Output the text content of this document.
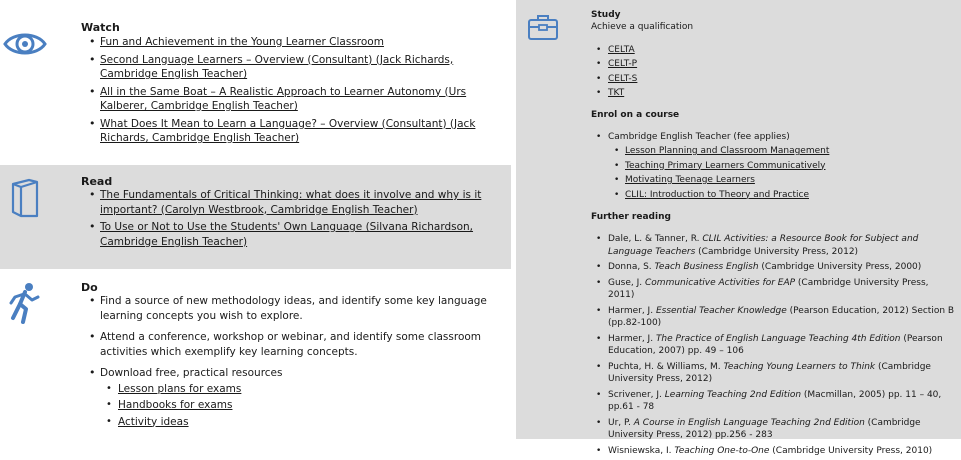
Watch
• Fun and Achievement in the Young Learner Classroom
• Second Language Learners – Overview (Consultant) (Jack Richards, Cambridge English Teacher)
• All in the Same Boat – A Realistic Approach to Learner Autonomy (Urs Kalberer, Cambridge English Teacher)
• What Does It Mean to Learn a Language? – Overview (Consultant) (Jack Richards, Cambridge English Teacher)
Read
• The Fundamentals of Critical Thinking: what does it involve and why is it important? (Carolyn Westbrook, Cambridge English Teacher)
• To Use or Not to Use the Students' Own Language (Silvana Richardson, Cambridge English Teacher)
Do
• Find a source of new methodology ideas, and identify some key language learning concepts you wish to explore.
• Attend a conference, workshop or webinar, and identify some classroom activities which exemplify key learning concepts.
• Download free, practical resources
• Lesson plans for exams
• Handbooks for exams
• Activity ideas
Study

Achieve a qualification

• CELTA
• CELT-P
• CELT-S
• TKT
Enrol on a course
• Cambridge English Teacher (fee applies)
• Lesson Planning and Classroom Management
• Teaching Primary Learners Communicatively
• Motivating Teenage Learners
• CLIL: Introduction to Theory and Practice
Further reading
• Dale, L. & Tanner, R. CLIL Activities: a Resource Book for Subject and Language Teachers (Cambridge University Press, 2012)
• Donna, S. Teach Business English (Cambridge University Press, 2000)
• Guse, J. Communicative Activities for EAP (Cambridge University Press, 2011)
• Harmer, J. Essential Teacher Knowledge (Pearson Education, 2012) Section B (pp.82-100)
• Harmer, J. The Practice of English Language Teaching 4th Edition (Pearson Education, 2007) pp. 49 – 106
• Puchta, H. & Williams, M. Teaching Young Learners to Think (Cambridge University Press, 2012)
• Scrivener, J. Learning Teaching 2nd Edition (Macmillan, 2005) pp. 11 – 40, pp.61 - 78
• Ur, P. A Course in English Language Teaching 2nd Edition (Cambridge University Press, 2012) pp.256 - 283
• Wisniewska, I. Teaching One-to-One (Cambridge University Press, 2010)
